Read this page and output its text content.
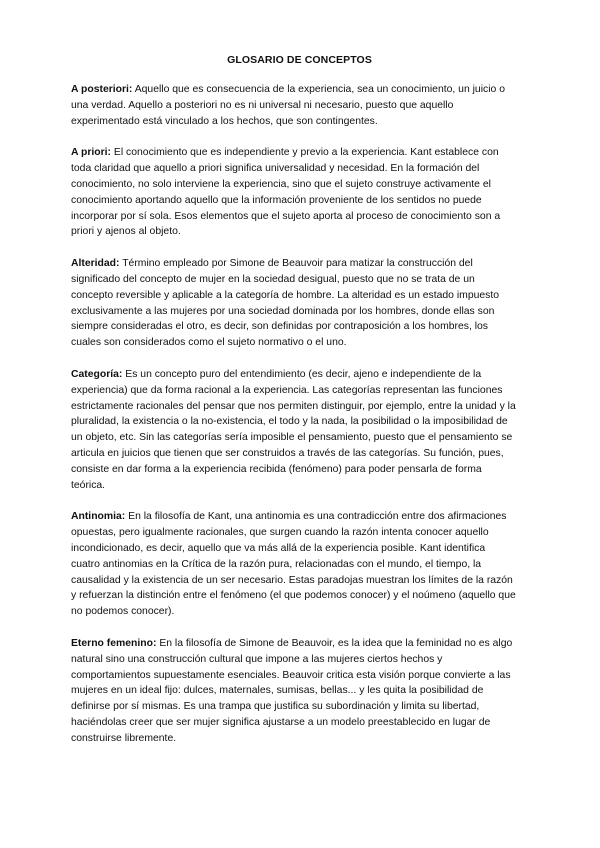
GLOSARIO DE CONCEPTOS

A posteriori: Aquello que es consecuencia de la experiencia, sea un conocimiento, un juicio o una verdad. Aquello a posteriori no es ni universal ni necesario, puesto que aquello experimentado está vinculado a los hechos, que son contingentes.

A priori: El conocimiento que es independiente y previo a la experiencia. Kant establece con toda claridad que aquello a priori significa universalidad y necesidad. En la formación del conocimiento, no solo interviene la experiencia, sino que el sujeto construye activamente el conocimiento aportando aquello que la información proveniente de los sentidos no puede incorporar por sí sola. Esos elementos que el sujeto aporta al proceso de conocimiento son a priori y ajenos al objeto.

Alteridad: Término empleado por Simone de Beauvoir para matizar la construcción del significado del concepto de mujer en la sociedad desigual, puesto que no se trata de un concepto reversible y aplicable a la categoría de hombre. La alteridad es un estado impuesto exclusivamente a las mujeres por una sociedad dominada por los hombres, donde ellas son siempre consideradas el otro, es decir, son definidas por contraposición a los hombres, los cuales son considerados como el sujeto normativo o el uno.

Categoría: Es un concepto puro del entendimiento (es decir, ajeno e independiente de la experiencia) que da forma racional a la experiencia. Las categorías representan las funciones estrictamente racionales del pensar que nos permiten distinguir, por ejemplo, entre la unidad y la pluralidad, la existencia o la no-existencia, el todo y la nada, la posibilidad o la imposibilidad de un objeto, etc. Sin las categorías sería imposible el pensamiento, puesto que el pensamiento se articula en juicios que tienen que ser construidos a través de las categorías. Su función, pues, consiste en dar forma a la experiencia recibida (fenómeno) para poder pensarla de forma teórica.

Antinomia: En la filosofía de Kant, una antinomia es una contradicción entre dos afirmaciones opuestas, pero igualmente racionales, que surgen cuando la razón intenta conocer aquello incondicionado, es decir, aquello que va más allá de la experiencia posible. Kant identifica cuatro antinomias en la Crítica de la razón pura, relacionadas con el mundo, el tiempo, la causalidad y la existencia de un ser necesario. Estas paradojas muestran los límites de la razón y refuerzan la distinción entre el fenómeno (el que podemos conocer) y el noúmeno (aquello que no podemos conocer).

Eterno femenino: En la filosofía de Simone de Beauvoir, es la idea que la feminidad no es algo natural sino una construcción cultural que impone a las mujeres ciertos hechos y comportamientos supuestamente esenciales. Beauvoir critica esta visión porque convierte a las mujeres en un ideal fijo: dulces, maternales, sumisas, bellas... y les quita la posibilidad de definirse por sí mismas. Es una trampa que justifica su subordinación y limita su libertad, haciéndolas creer que ser mujer significa ajustarse a un modelo preestablecido en lugar de construirse libremente.
